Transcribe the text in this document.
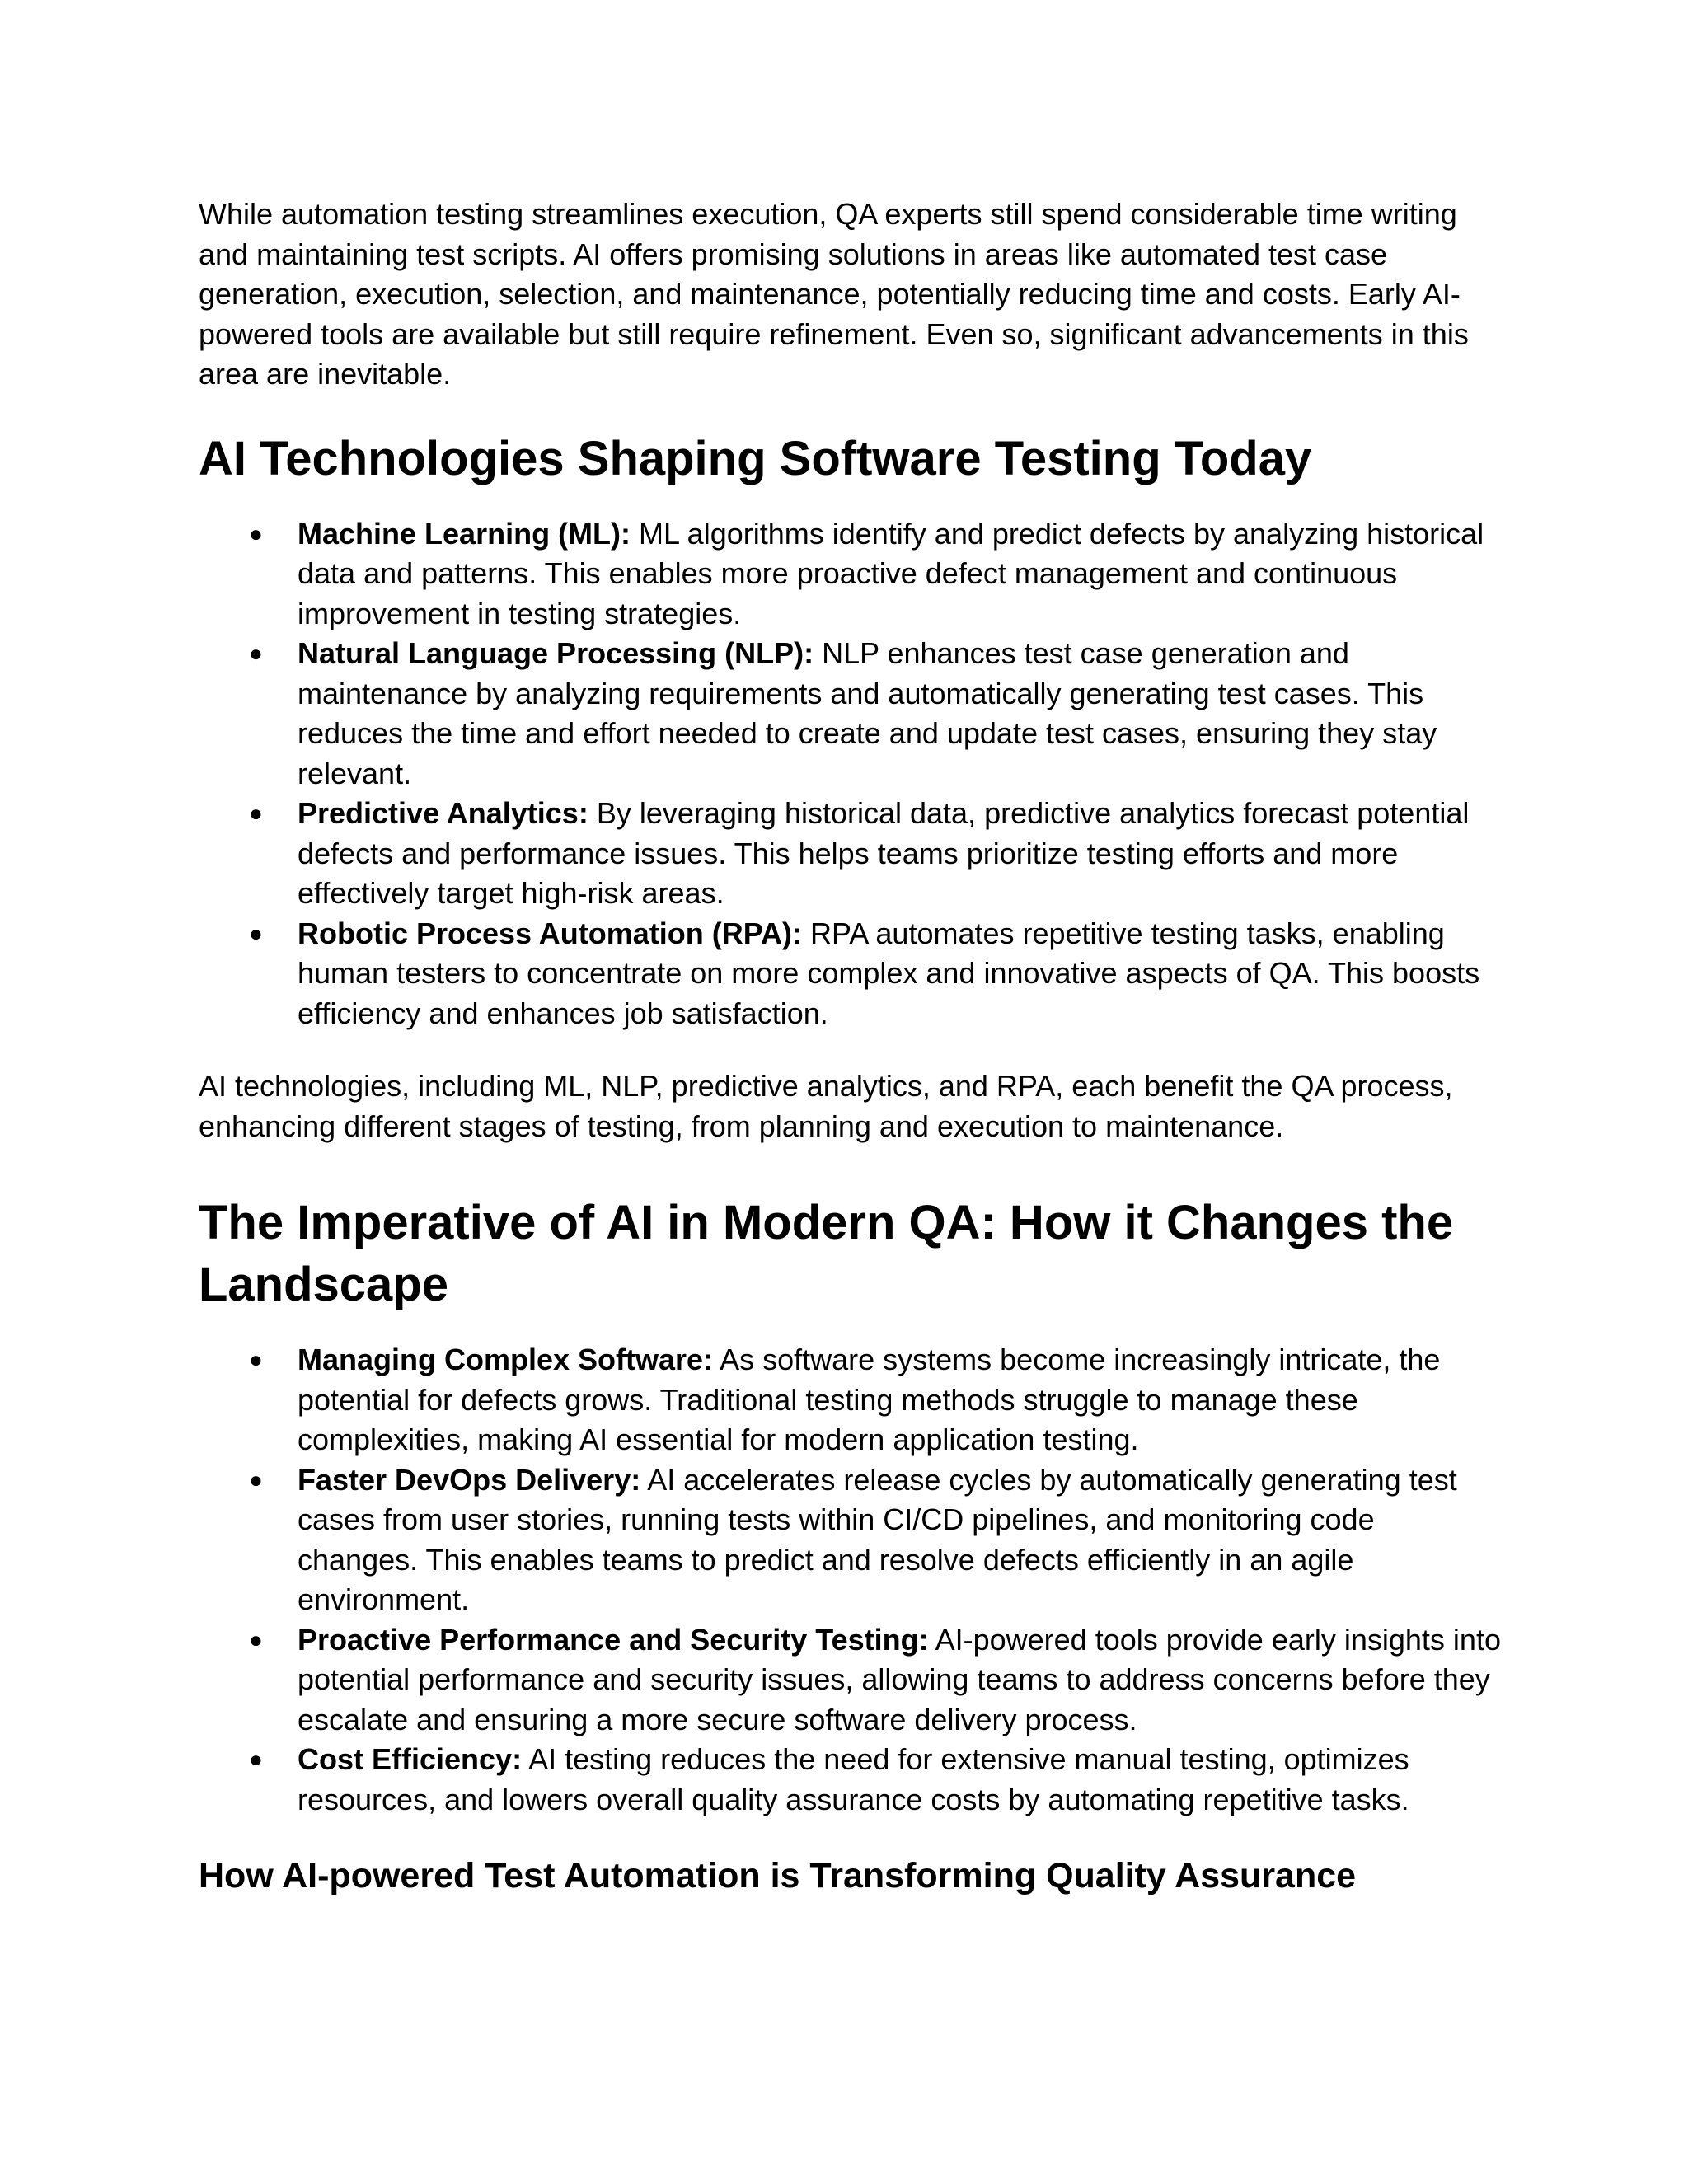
While automation testing streamlines execution, QA experts still spend considerable time writing and maintaining test scripts. AI offers promising solutions in areas like automated test case generation, execution, selection, and maintenance, potentially reducing time and costs. Early AI-powered tools are available but still require refinement. Even so, significant advancements in this area are inevitable.

AI Technologies Shaping Software Testing Today
● Machine Learning (ML): ML algorithms identify and predict defects by analyzing historical data and patterns. This enables more proactive defect management and continuous improvement in testing strategies.
● Natural Language Processing (NLP): NLP enhances test case generation and maintenance by analyzing requirements and automatically generating test cases. This reduces the time and effort needed to create and update test cases, ensuring they stay relevant.
● Predictive Analytics: By leveraging historical data, predictive analytics forecast potential defects and performance issues. This helps teams prioritize testing efforts and more effectively target high-risk areas.
● Robotic Process Automation (RPA): RPA automates repetitive testing tasks, enabling human testers to concentrate on more complex and innovative aspects of QA. This boosts efficiency and enhances job satisfaction.

AI technologies, including ML, NLP, predictive analytics, and RPA, each benefit the QA process, enhancing different stages of testing, from planning and execution to maintenance.

The Imperative of AI in Modern QA: How it Changes the Landscape
● Managing Complex Software: As software systems become increasingly intricate, the potential for defects grows. Traditional testing methods struggle to manage these complexities, making AI essential for modern application testing.
● Faster DevOps Delivery: AI accelerates release cycles by automatically generating test cases from user stories, running tests within CI/CD pipelines, and monitoring code changes. This enables teams to predict and resolve defects efficiently in an agile environment.
● Proactive Performance and Security Testing: AI-powered tools provide early insights into potential performance and security issues, allowing teams to address concerns before they escalate and ensuring a more secure software delivery process.
● Cost Efficiency: AI testing reduces the need for extensive manual testing, optimizes resources, and lowers overall quality assurance costs by automating repetitive tasks.
How AI-powered Test Automation is Transforming Quality Assurance
